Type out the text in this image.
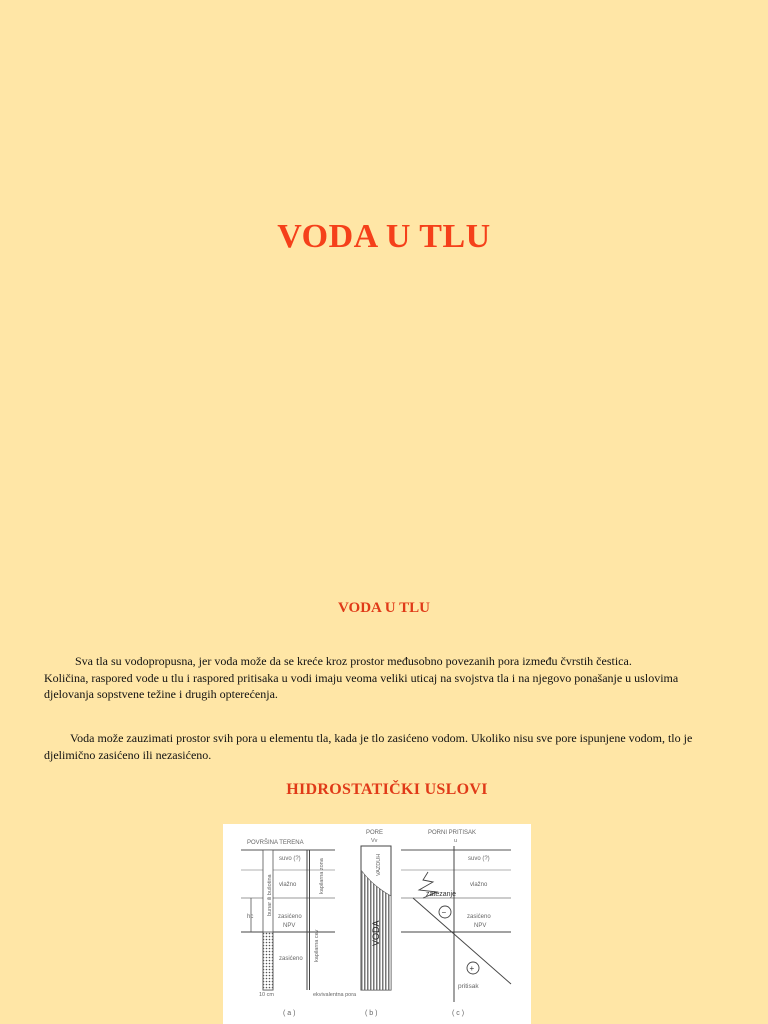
VODA U TLU
VODA U TLU

Sva tla su vodopropusna, jer voda može da se kreće kroz prostor međusobno povezanih pora između čvrstih čestica.
Količina, raspored vode u tlu i raspored pritisaka u vodi imaju veoma veliki uticaj na svojstva tla i na njegovo ponašanje u uslovima djelovanja sopstvene težine i drugih opterećenja.

Voda može zauzimati prostor svih pora u elementu tla, kada je tlo zasićeno vodom. Ukoliko nisu sve pore ispunjene vodom, tlo je djelimično zasićeno ili nezasićeno.

HIDROSTATIČKI USLOVI
POVRŠINA TERENA
bunar ili bušotina	kapilarna zona
kapilarna cev
hc
suvo (?)
vlažno
zasićeno
NPV
zasićeno
10 cm	ekvivalentna pora
( a )
PORE
Vv
VAZDUH
VODA
( b )
PORNI PRITISAK
u
−
+
suvo (?)
vlažno
zatezanje
zasićeno
NPV
pritisak
( c )
